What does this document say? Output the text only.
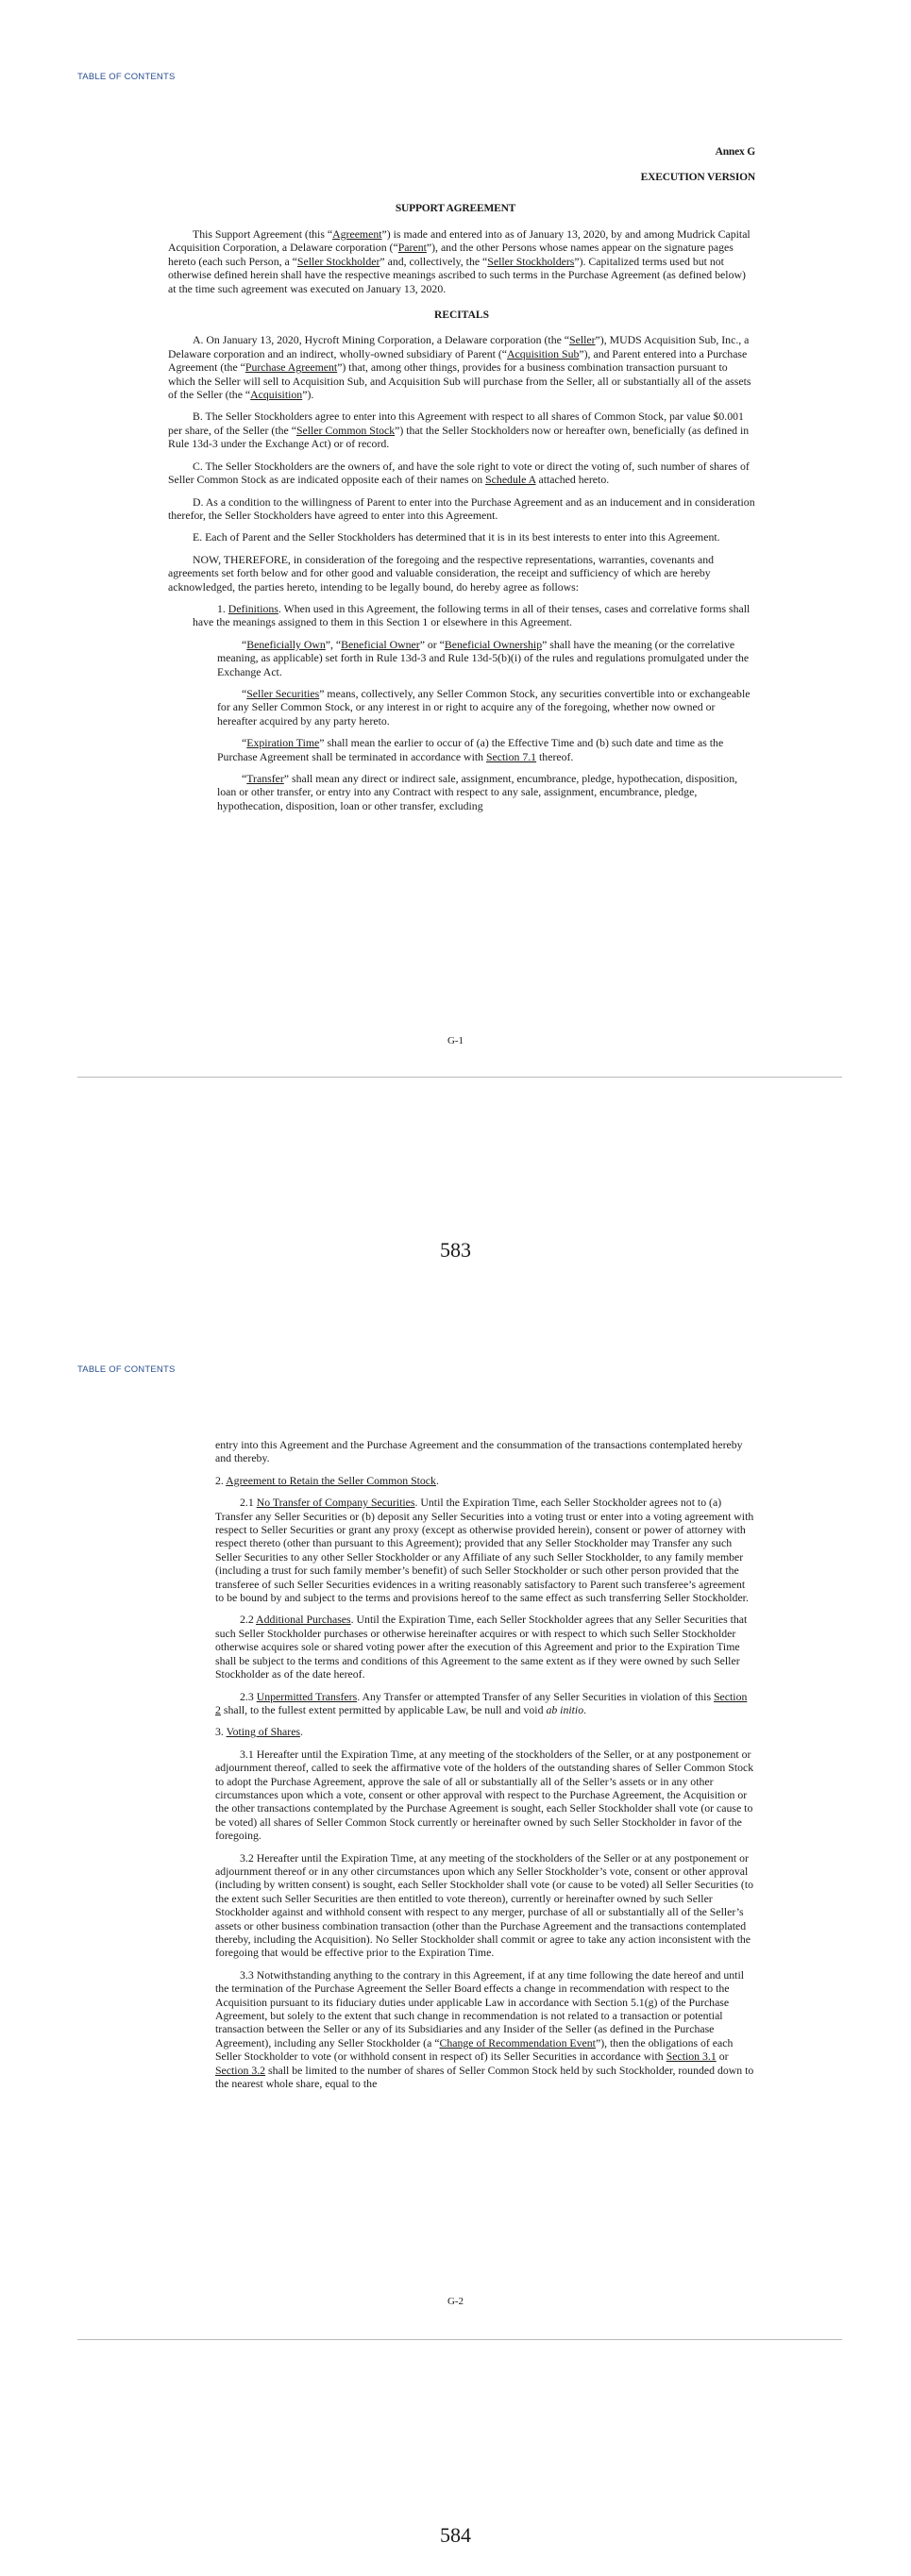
TABLE OF CONTENTS
Annex G
EXECUTION VERSION
SUPPORT AGREEMENT

This Support Agreement (this “Agreement”) is made and entered into as of January 13, 2020, by and among Mudrick Capital Acquisition Corporation, a Delaware corporation (“Parent”), and the other Persons whose names appear on the signature pages hereto (each such Person, a “Seller Stockholder” and, collectively, the “Seller Stockholders”). Capitalized terms used but not otherwise defined herein shall have the respective meanings ascribed to such terms in the Purchase Agreement (as defined below) at the time such agreement was executed on January 13, 2020.

RECITALS

A. On January 13, 2020, Hycroft Mining Corporation, a Delaware corporation (the “Seller”), MUDS Acquisition Sub, Inc., a Delaware corporation and an indirect, wholly-owned subsidiary of Parent (“Acquisition Sub”), and Parent entered into a Purchase Agreement (the “Purchase Agreement”) that, among other things, provides for a business combination transaction pursuant to which the Seller will sell to Acquisition Sub, and Acquisition Sub will purchase from the Seller, all or substantially all of the assets of the Seller (the “Acquisition”).

B. The Seller Stockholders agree to enter into this Agreement with respect to all shares of Common Stock, par value $0.001 per share, of the Seller (the “Seller Common Stock”) that the Seller Stockholders now or hereafter own, beneficially (as defined in Rule 13d-3 under the Exchange Act) or of record.

C. The Seller Stockholders are the owners of, and have the sole right to vote or direct the voting of, such number of shares of Seller Common Stock as are indicated opposite each of their names on Schedule A attached hereto.

D. As a condition to the willingness of Parent to enter into the Purchase Agreement and as an inducement and in consideration therefor, the Seller Stockholders have agreed to enter into this Agreement.

E. Each of Parent and the Seller Stockholders has determined that it is in its best interests to enter into this Agreement.

NOW, THEREFORE, in consideration of the foregoing and the respective representations, warranties, covenants and agreements set forth below and for other good and valuable consideration, the receipt and sufficiency of which are hereby acknowledged, the parties hereto, intending to be legally bound, do hereby agree as follows:

1. Definitions. When used in this Agreement, the following terms in all of their tenses, cases and correlative forms shall have the meanings assigned to them in this Section 1 or elsewhere in this Agreement.

“Beneficially Own”, “Beneficial Owner” or “Beneficial Ownership” shall have the meaning (or the correlative meaning, as applicable) set forth in Rule 13d-3 and Rule 13d-5(b)(i) of the rules and regulations promulgated under the Exchange Act.

“Seller Securities” means, collectively, any Seller Common Stock, any securities convertible into or exchangeable for any Seller Common Stock, or any interest in or right to acquire any of the foregoing, whether now owned or hereafter acquired by any party hereto.

“Expiration Time” shall mean the earlier to occur of (a) the Effective Time and (b) such date and time as the Purchase Agreement shall be terminated in accordance with Section 7.1 thereof.

“Transfer” shall mean any direct or indirect sale, assignment, encumbrance, pledge, hypothecation, disposition, loan or other transfer, or entry into any Contract with respect to any sale, assignment, encumbrance, pledge, hypothecation, disposition, loan or other transfer, excluding

G-1
583
TABLE OF CONTENTS

entry into this Agreement and the Purchase Agreement and the consummation of the transactions contemplated hereby and thereby.

2. Agreement to Retain the Seller Common Stock.

2.1 No Transfer of Company Securities. Until the Expiration Time, each Seller Stockholder agrees not to (a) Transfer any Seller Securities or (b) deposit any Seller Securities into a voting trust or enter into a voting agreement with respect to Seller Securities or grant any proxy (except as otherwise provided herein), consent or power of attorney with respect thereto (other than pursuant to this Agreement); provided that any Seller Stockholder may Transfer any such Seller Securities to any other Seller Stockholder or any Affiliate of any such Seller Stockholder, to any family member (including a trust for such family member’s benefit) of such Seller Stockholder or such other person provided that the transferee of such Seller Securities evidences in a writing reasonably satisfactory to Parent such transferee’s agreement to be bound by and subject to the terms and provisions hereof to the same effect as such transferring Seller Stockholder.

2.2 Additional Purchases. Until the Expiration Time, each Seller Stockholder agrees that any Seller Securities that such Seller Stockholder purchases or otherwise hereinafter acquires or with respect to which such Seller Stockholder otherwise acquires sole or shared voting power after the execution of this Agreement and prior to the Expiration Time shall be subject to the terms and conditions of this Agreement to the same extent as if they were owned by such Seller Stockholder as of the date hereof.

2.3 Unpermitted Transfers. Any Transfer or attempted Transfer of any Seller Securities in violation of this Section 2 shall, to the fullest extent permitted by applicable Law, be null and void ab initio.

3. Voting of Shares.

3.1 Hereafter until the Expiration Time, at any meeting of the stockholders of the Seller, or at any postponement or adjournment thereof, called to seek the affirmative vote of the holders of the outstanding shares of Seller Common Stock to adopt the Purchase Agreement, approve the sale of all or substantially all of the Seller’s assets or in any other circumstances upon which a vote, consent or other approval with respect to the Purchase Agreement, the Acquisition or the other transactions contemplated by the Purchase Agreement is sought, each Seller Stockholder shall vote (or cause to be voted) all shares of Seller Common Stock currently or hereinafter owned by such Seller Stockholder in favor of the foregoing.

3.2 Hereafter until the Expiration Time, at any meeting of the stockholders of the Seller or at any postponement or adjournment thereof or in any other circumstances upon which any Seller Stockholder’s vote, consent or other approval (including by written consent) is sought, each Seller Stockholder shall vote (or cause to be voted) all Seller Securities (to the extent such Seller Securities are then entitled to vote thereon), currently or hereinafter owned by such Seller Stockholder against and withhold consent with respect to any merger, purchase of all or substantially all of the Seller’s assets or other business combination transaction (other than the Purchase Agreement and the transactions contemplated thereby, including the Acquisition). No Seller Stockholder shall commit or agree to take any action inconsistent with the foregoing that would be effective prior to the Expiration Time.

3.3 Notwithstanding anything to the contrary in this Agreement, if at any time following the date hereof and until the termination of the Purchase Agreement the Seller Board effects a change in recommendation with respect to the Acquisition pursuant to its fiduciary duties under applicable Law in accordance with Section 5.1(g) of the Purchase Agreement, but solely to the extent that such change in recommendation is not related to a transaction or potential transaction between the Seller or any of its Subsidiaries and any Insider of the Seller (as defined in the Purchase Agreement), including any Seller Stockholder (a “Change of Recommendation Event”), then the obligations of each Seller Stockholder to vote (or withhold consent in respect of) its Seller Securities in accordance with Section 3.1 or Section 3.2 shall be limited to the number of shares of Seller Common Stock held by such Stockholder, rounded down to the nearest whole share, equal to the

G-2
584
